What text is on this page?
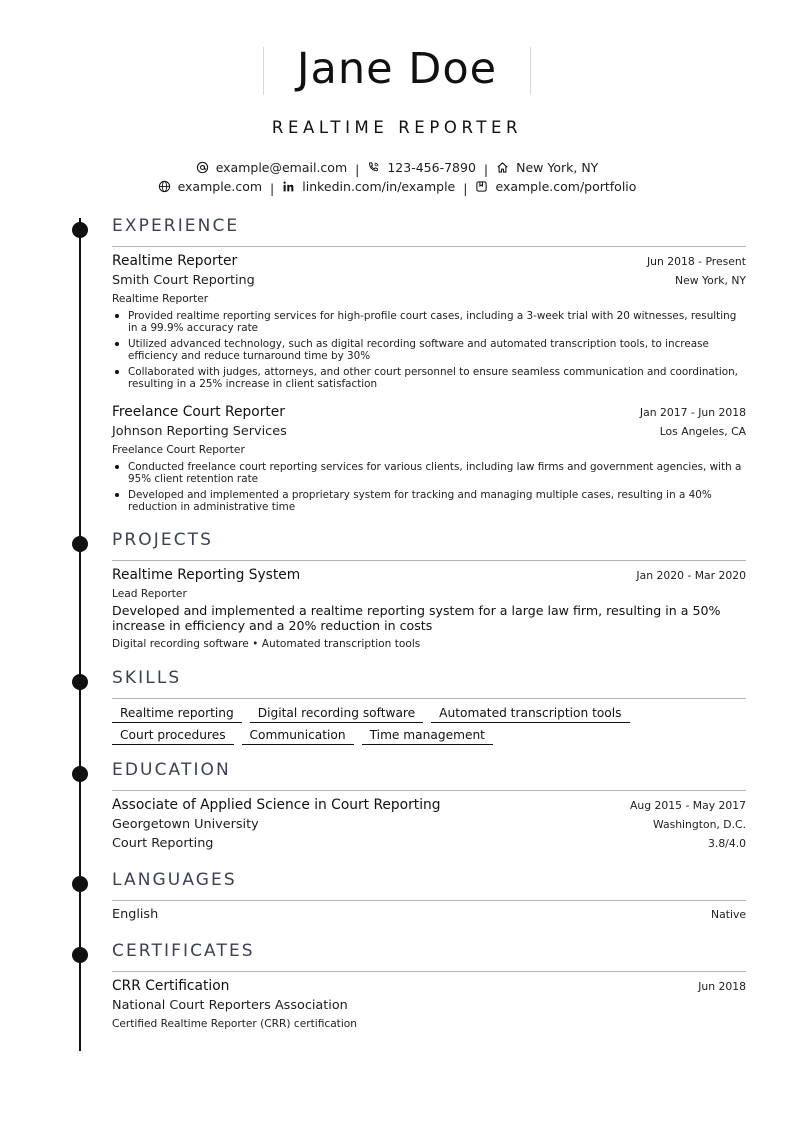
Jane Doe
REALTIME REPORTER
example@email.com | 123-456-7890 | New York, NY
example.com | linkedin.com/in/example | example.com/portfolio
EXPERIENCE
Realtime Reporter	Jun 2018 - Present
Smith Court Reporting	New York, NY
Realtime Reporter
Provided realtime reporting services for high-profile court cases, including a 3-week trial with 20 witnesses, resulting in a 99.9% accuracy rate
Utilized advanced technology, such as digital recording software and automated transcription tools, to increase efficiency and reduce turnaround time by 30%
Collaborated with judges, attorneys, and other court personnel to ensure seamless communication and coordination, resulting in a 25% increase in client satisfaction
Freelance Court Reporter	Jan 2017 - Jun 2018
Johnson Reporting Services	Los Angeles, CA
Freelance Court Reporter
Conducted freelance court reporting services for various clients, including law firms and government agencies, with a 95% client retention rate
Developed and implemented a proprietary system for tracking and managing multiple cases, resulting in a 40% reduction in administrative time
PROJECTS
Realtime Reporting System	Jan 2020 - Mar 2020
Lead Reporter
Developed and implemented a realtime reporting system for a large law firm, resulting in a 50% increase in efficiency and a 20% reduction in costs
Digital recording software • Automated transcription tools
SKILLS
Realtime reporting	Digital recording software	Automated transcription tools
Court procedures	Communication	Time management
EDUCATION
Associate of Applied Science in Court Reporting	Aug 2015 - May 2017
Georgetown University	Washington, D.C.
Court Reporting	3.8/4.0
LANGUAGES
English	Native
CERTIFICATES
CRR Certification	Jun 2018
National Court Reporters Association
Certified Realtime Reporter (CRR) certification
